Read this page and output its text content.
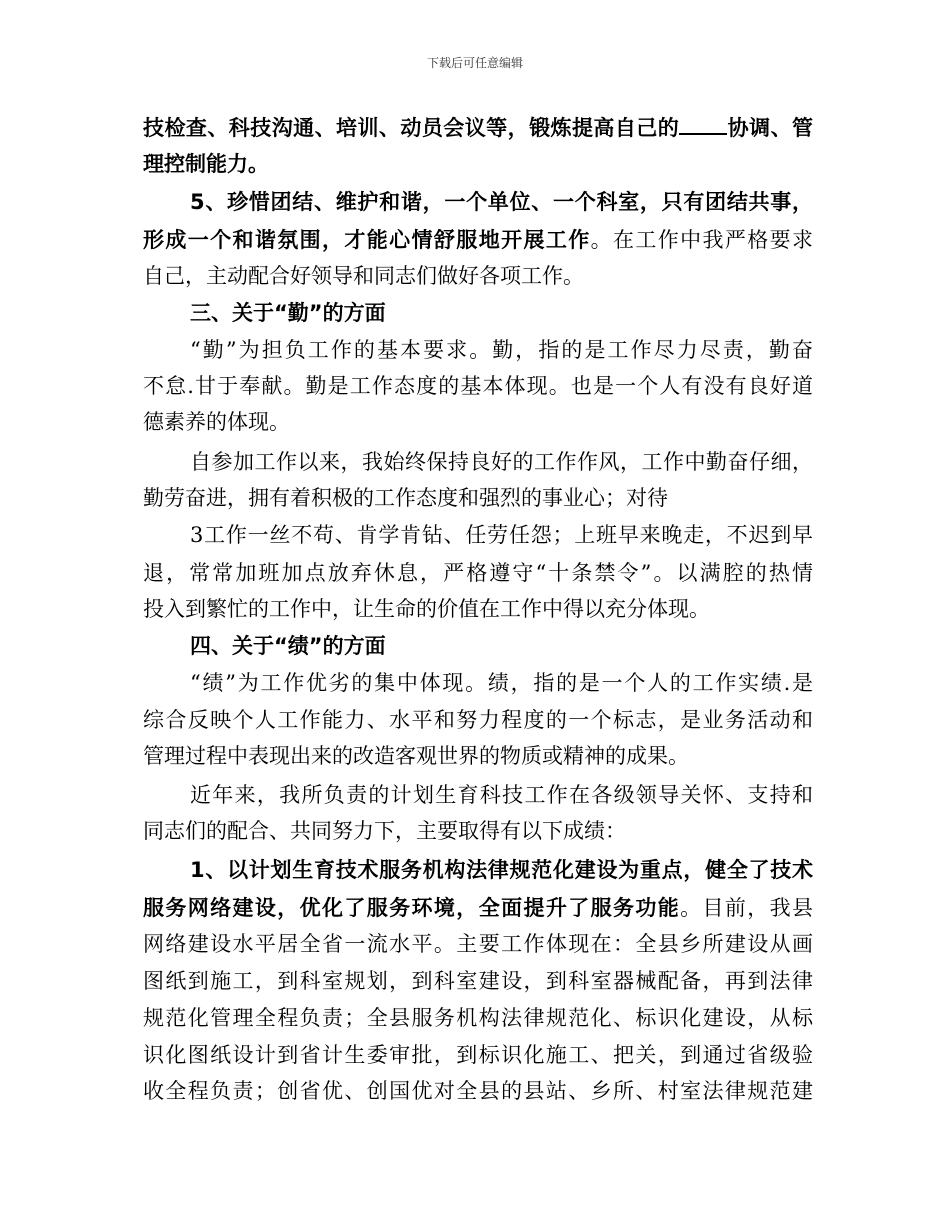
下载后可任意编辑
技检查、科技沟通、培训、动员会议等，锻炼提高自己的 协调、管
理控制能力。
5、珍惜团结、维护和谐，一个单位、一个科室，只有团结共事，
形成一个和谐氛围，才能心情舒服地开展工作。在工作中我严格要求
自己，主动配合好领导和同志们做好各项工作。
三、关于“勤”的方面
“勤”为担负工作的基本要求。勤，指的是工作尽力尽责，勤奋
不怠.甘于奉献。勤是工作态度的基本体现。也是一个人有没有良好道
德素养的体现。
自参加工作以来，我始终保持良好的工作作风，工作中勤奋仔细，
勤劳奋进，拥有着积极的工作态度和强烈的事业心；对待
3工作一丝不苟、肯学肯钻、任劳任怨；上班早来晚走，不迟到早
退，常常加班加点放弃休息，严格遵守“十条禁令”。以满腔的热情
投入到繁忙的工作中，让生命的价值在工作中得以充分体现。
四、关于“绩”的方面
“绩”为工作优劣的集中体现。绩，指的是一个人的工作实绩.是
综合反映个人工作能力、水平和努力程度的一个标志，是业务活动和
管理过程中表现出来的改造客观世界的物质或精神的成果。
近年来，我所负责的计划生育科技工作在各级领导关怀、支持和
同志们的配合、共同努力下，主要取得有以下成绩：
1、以计划生育技术服务机构法律规范化建设为重点，健全了技术
服务网络建设，优化了服务环境，全面提升了服务功能。目前，我县
网络建设水平居全省一流水平。主要工作体现在：全县乡所建设从画
图纸到施工，到科室规划，到科室建设，到科室器械配备，再到法律
规范化管理全程负责；全县服务机构法律规范化、标识化建设，从标
识化图纸设计到省计生委审批，到标识化施工、把关，到通过省级验
收全程负责；创省优、创国优对全县的县站、乡所、村室法律规范建
